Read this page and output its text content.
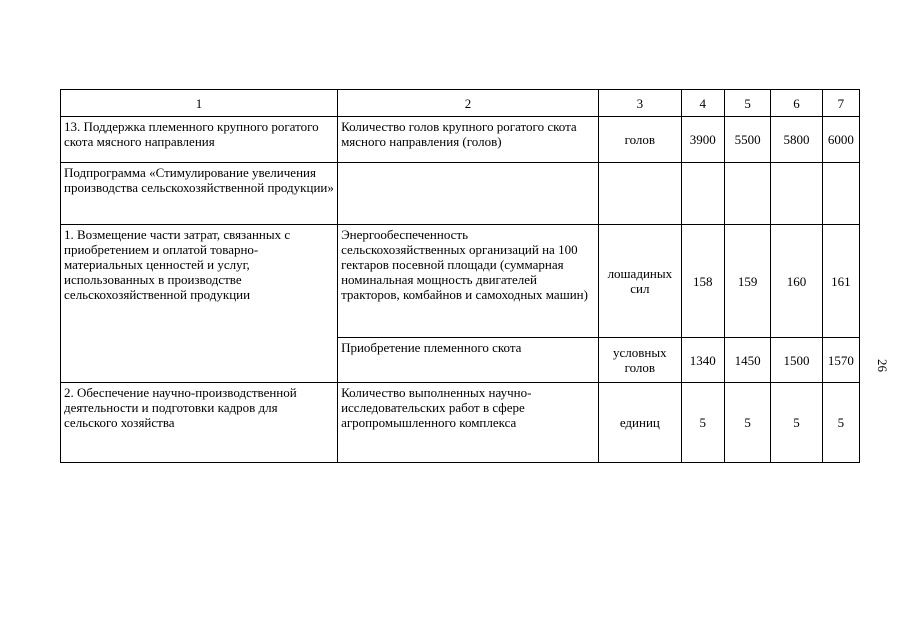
1	2	3	4	5	6	7
13. Поддержка племенного крупного рогатого скота мясного направления	Количество голов крупного рогатого скота мясного направления (голов)	голов	3900	5500	5800	6000
Подпрограмма «Стимулирование увеличения производства сельскохозяйственной продукции»						
1. Возмещение части затрат, связанных с приобретением и оплатой товарно-материальных ценностей и услуг, использованных в производстве сельскохозяйственной продукции	Энергообеспеченность сельскохозяйственных организаций на 100 гектаров посевной площади (суммарная номинальная мощность двигателей тракторов, комбайнов и самоходных машин)	лошадиных сил	158	159	160	161
	Приобретение племенного скота	условных голов	1340	1450	1500	1570
2. Обеспечение научно-производственной деятельности и подготовки кадров для сельского хозяйства	Количество выполненных научно-исследовательских работ в сфере агропромышленного комплекса	единиц	5	5	5	5
26
